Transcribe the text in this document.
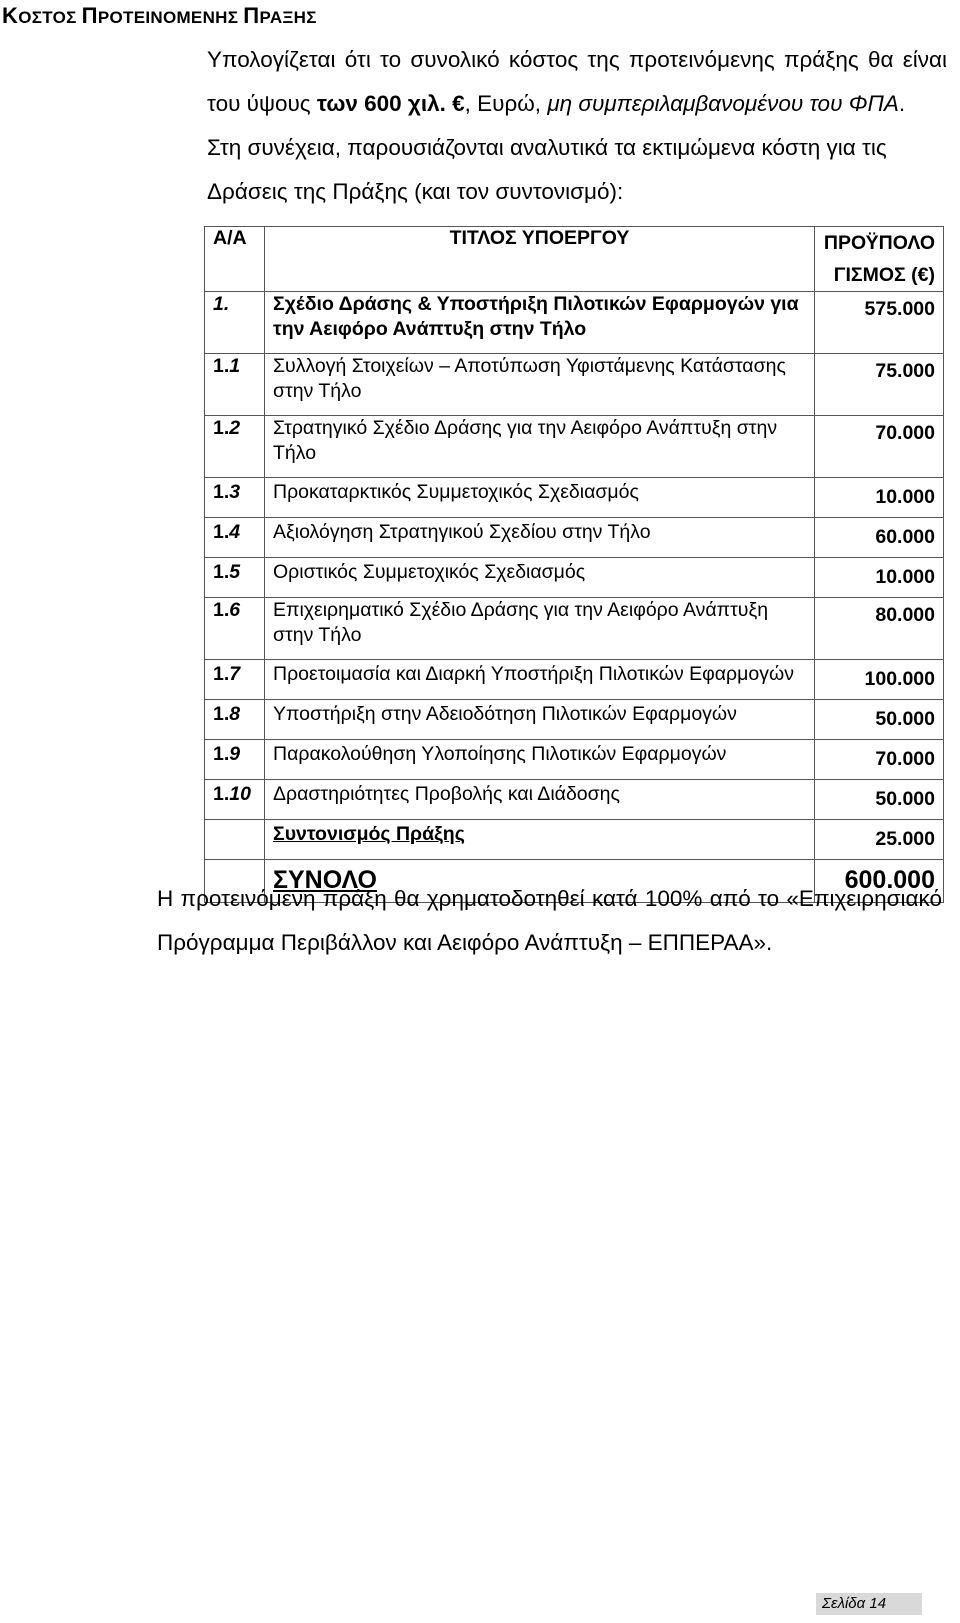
ΚΟΣΤΟΣ ΠΡΟΤΕΙΝΟΜΕΝΗΣ ΠΡΑΞΗΣ
Υπολογίζεται ότι το συνολικό κόστος της προτεινόμενης πράξης θα είναι
του ύψους των 600 χιλ. €, Ευρώ, μη συμπεριλαμβανομένου του ΦΠΑ.
Στη συνέχεια, παρουσιάζονται αναλυτικά τα εκτιμώμενα κόστη για τις
Δράσεις της Πράξης (και τον συντονισμό):
Α/Α	ΤΙΤΛΟΣ ΥΠΟΕΡΓΟΥ	ΠΡΟΫΠΟΛΟ
ΓΙΣΜΟΣ (€)
1.	Σχέδιο Δράσης & Υποστήριξη Πιλοτικών Εφαρμογών για την Αειφόρο Ανάπτυξη στην Τήλο	575.000
1.1	Συλλογή Στοιχείων – Αποτύπωση Υφιστάμενης Κατάστασης στην Τήλο	75.000
1.2	Στρατηγικό Σχέδιο Δράσης για την Αειφόρο Ανάπτυξη στην Τήλο	70.000
1.3	Προκαταρκτικός Συμμετοχικός Σχεδιασμός	10.000
1.4	Αξιολόγηση Στρατηγικού Σχεδίου στην Τήλο	60.000
1.5	Οριστικός Συμμετοχικός Σχεδιασμός	10.000
1.6	Επιχειρηματικό Σχέδιο Δράσης για την Αειφόρο Ανάπτυξη στην Τήλο	80.000
1.7	Προετοιμασία και Διαρκή Υποστήριξη Πιλοτικών Εφαρμογών	100.000
1.8	Υποστήριξη στην Αδειοδότηση Πιλοτικών Εφαρμογών	50.000
1.9	Παρακολούθηση Υλοποίησης Πιλοτικών Εφαρμογών	70.000
1.10	Δραστηριότητες Προβολής και Διάδοσης	50.000
	Συντονισμός Πράξης	25.000
	ΣΥΝΟΛΟ	600.000
Η προτεινόμενη πράξη θα χρηματοδοτηθεί κατά 100% από το «Επιχειρησιακό
Πρόγραμμα Περιβάλλον και Αειφόρο Ανάπτυξη – ΕΠΠΕΡΑΑ».
Σελίδα 14
